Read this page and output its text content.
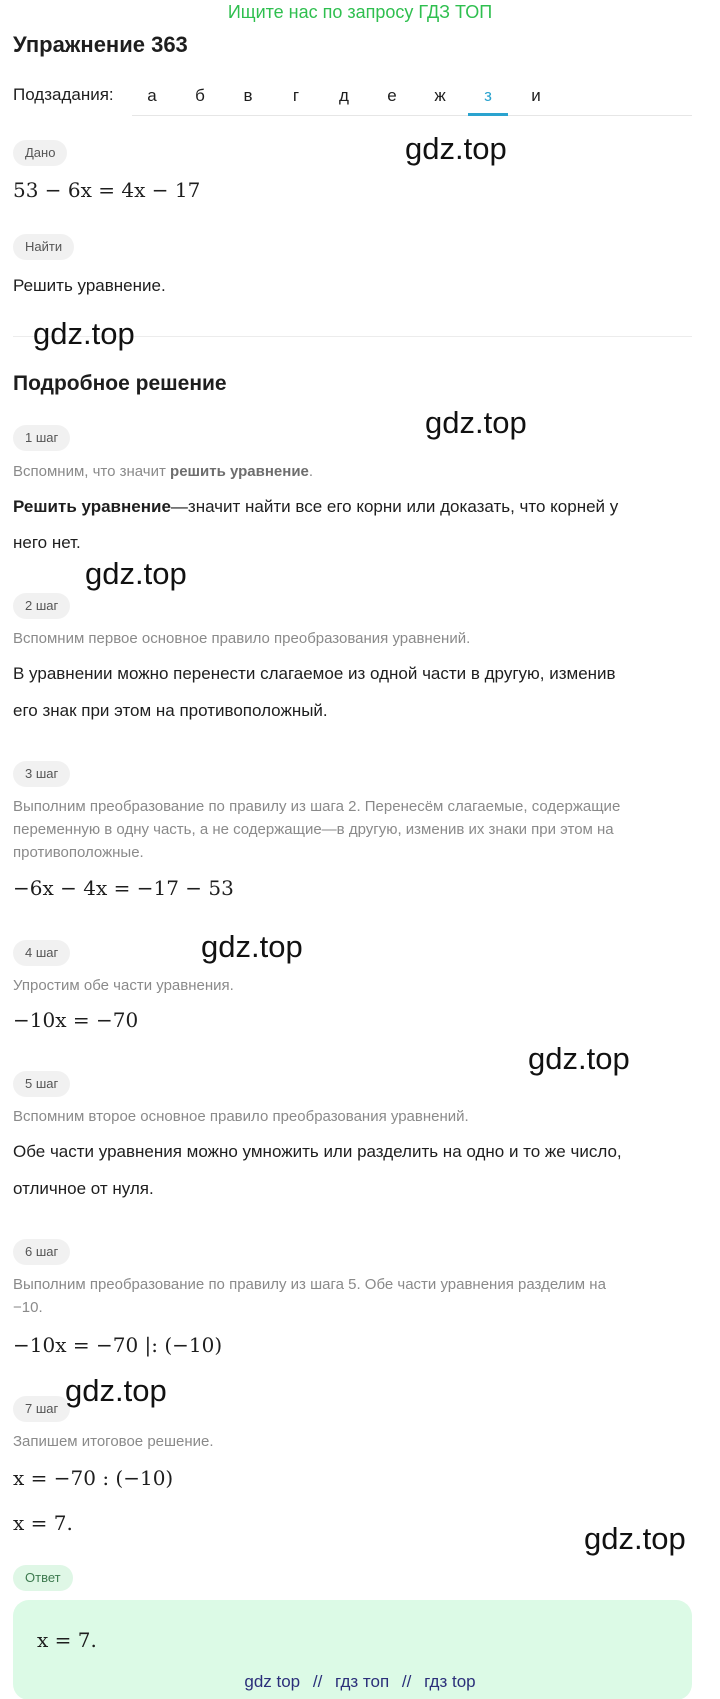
Ищите нас по запросу ГДЗ ТОП
Упражнение 363
Подзадания:	а	б	в	г	д	е	ж	з	и
Дано
53 − 6x = 4x − 17
Найти
Решить уравнение.
Подробное решение
1 шаг
Вспомним, что значит решить уравнение.
Решить уравнение—значит найти все его корни или доказать, что корней у
него нет.
2 шаг
Вспомним первое основное правило преобразования уравнений.
В уравнении можно перенести слагаемое из одной части в другую, изменив
его знак при этом на противоположный.
3 шаг
Выполним преобразование по правилу из шага 2. Перенесём слагаемые, содержащие
переменную в одну часть, а не содержащие—в другую, изменив их знаки при этом на
противоположные.
−6x − 4x = −17 − 53
4 шаг
Упростим обе части уравнения.
−10x = −70
5 шаг
Вспомним второе основное правило преобразования уравнений.
Обе части уравнения можно умножить или разделить на одно и то же число,
отличное от нуля.
6 шаг
Выполним преобразование по правилу из шага 5. Обе части уравнения разделим на
−10.
−10x = −70 |: (−10)
7 шаг
Запишем итоговое решение.
x = −70 : (−10)
x = 7.
Ответ
x = 7.
gdz.top
gdz.top
gdz.top
gdz.top
gdz.top
gdz.top
gdz.top
gdz.top
gdz top // гдз топ // гдз top
